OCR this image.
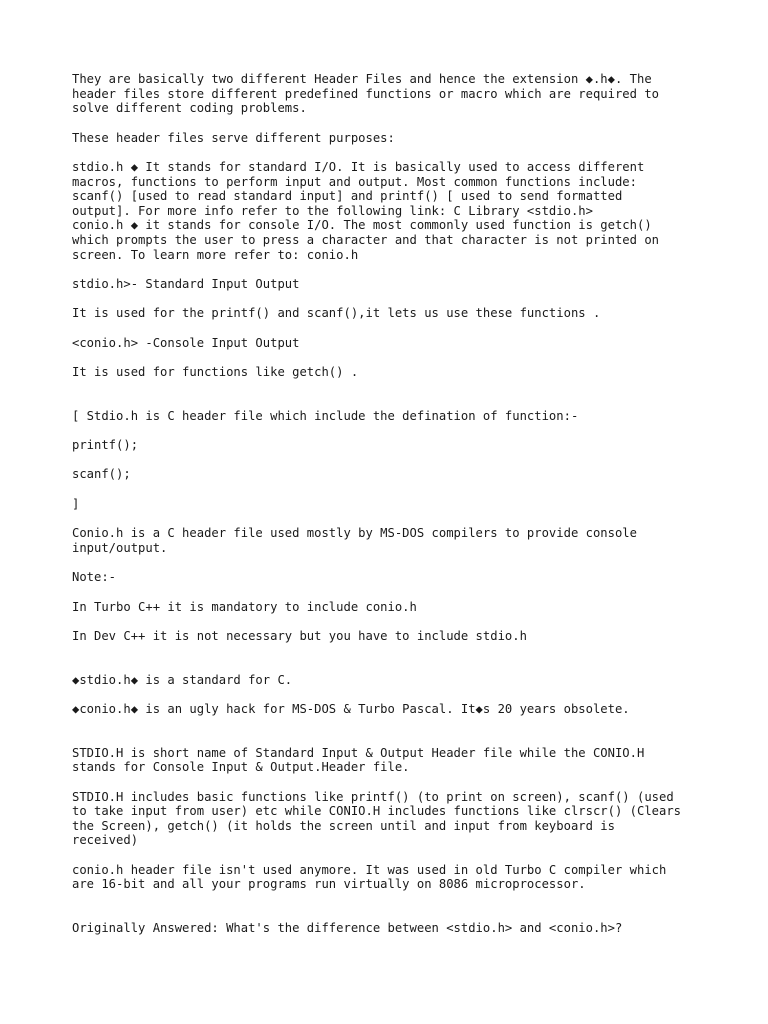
They are basically two different Header Files and hence the extension ◆.h◆. The
header files store different predefined functions or macro which are required to
solve different coding problems.
These header files serve different purposes:
stdio.h ◆ It stands for standard I/O. It is basically used to access different
macros, functions to perform input and output. Most common functions include:
scanf() [used to read standard input] and printf() [ used to send formatted
output]. For more info refer to the following link: C Library <stdio.h>
conio.h ◆ it stands for console I/O. The most commonly used function is getch()
which prompts the user to press a character and that character is not printed on
screen. To learn more refer to: conio.h
stdio.h>- Standard Input Output
It is used for the printf() and scanf(),it lets us use these functions .
<conio.h> -Console Input Output
It is used for functions like getch() .
[ Stdio.h is C header file which include the defination of function:-
printf();
scanf();
]
Conio.h is a C header file used mostly by MS-DOS compilers to provide console
input/output.
Note:-
In Turbo C++ it is mandatory to include conio.h
In Dev C++ it is not necessary but you have to include stdio.h
◆stdio.h◆ is a standard for C.
◆conio.h◆ is an ugly hack for MS-DOS & Turbo Pascal. It◆s 20 years obsolete.
STDIO.H is short name of Standard Input & Output Header file while the CONIO.H
stands for Console Input & Output.Header file.
STDIO.H includes basic functions like printf() (to print on screen), scanf() (used
to take input from user) etc while CONIO.H includes functions like clrscr() (Clears
the Screen), getch() (it holds the screen until and input from keyboard is
received)
conio.h header file isn't used anymore. It was used in old Turbo C compiler which
are 16-bit and all your programs run virtually on 8086 microprocessor.
Originally Answered: What's the difference between <stdio.h> and <conio.h>?
